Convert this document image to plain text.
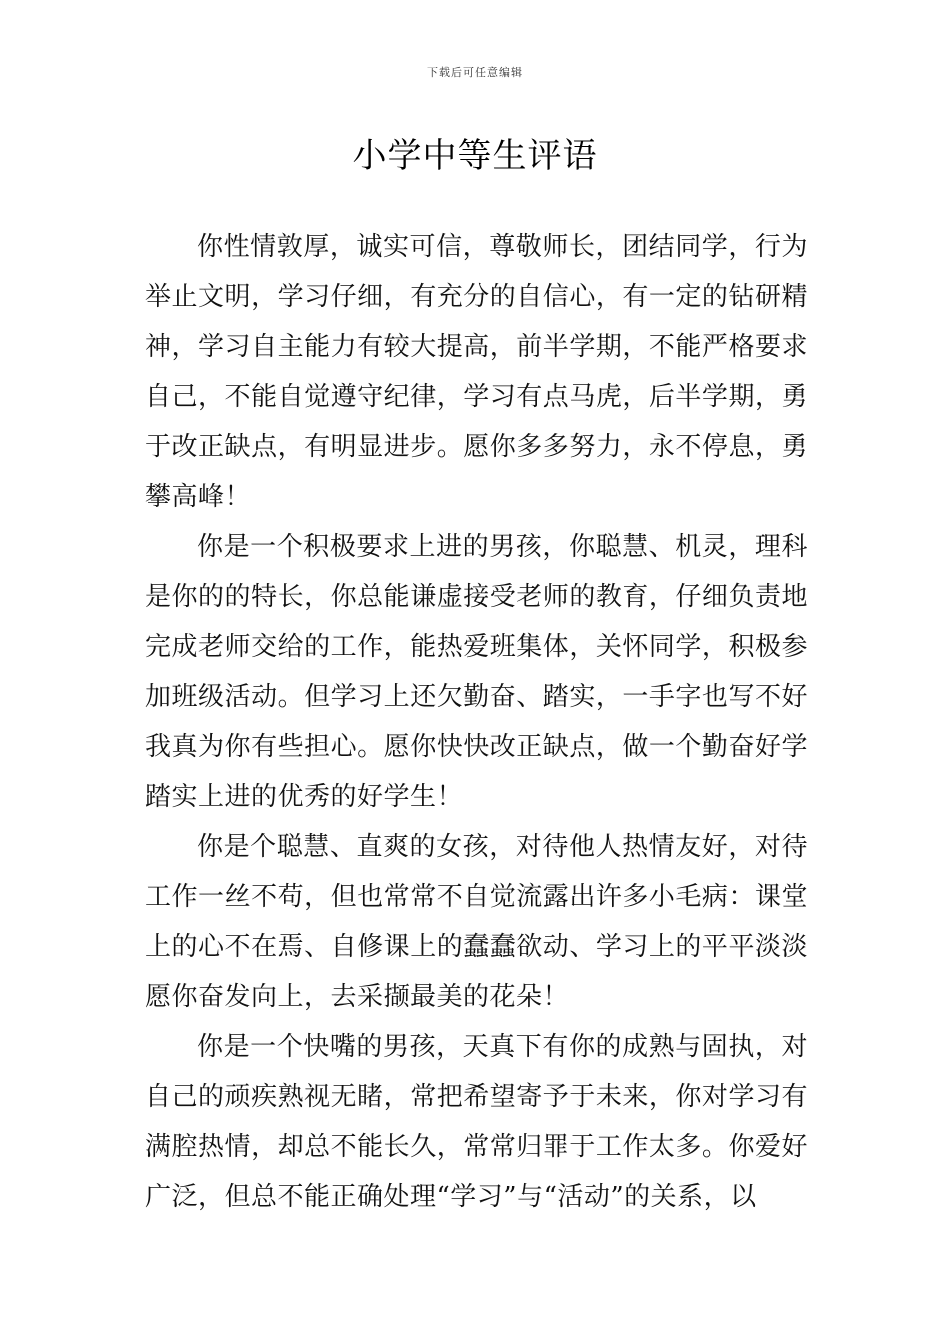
下载后可任意编辑
小学中等生评语

你性情敦厚，诚实可信，尊敬师长，团结同学，行为举止文明，学习仔细，有充分的自信心，有一定的钻研精神，学习自主能力有较大提高，前半学期，不能严格要求自己，不能自觉遵守纪律，学习有点马虎，后半学期，勇于改正缺点，有明显进步。愿你多多努力，永不停息，勇攀高峰！

你是一个积极要求上进的男孩，你聪慧、机灵，理科是你的的特长，你总能谦虚接受老师的教育，仔细负责地完成老师交给的工作，能热爱班集体，关怀同学，积极参加班级活动。但学习上还欠勤奋、踏实，一手字也写不好我真为你有些担心。愿你快快改正缺点，做一个勤奋好学踏实上进的优秀的好学生！

你是个聪慧、直爽的女孩，对待他人热情友好，对待工作一丝不苟，但也常常不自觉流露出许多小毛病：课堂上的心不在焉、自修课上的蠢蠢欲动、学习上的平平淡淡愿你奋发向上，去采撷最美的花朵！

你是一个快嘴的男孩，天真下有你的成熟与固执，对自己的顽疾熟视无睹，常把希望寄予于未来，你对学习有满腔热情，却总不能长久，常常归罪于工作太多。你爱好广泛，但总不能正确处理“学习”与“活动”的关系，以
